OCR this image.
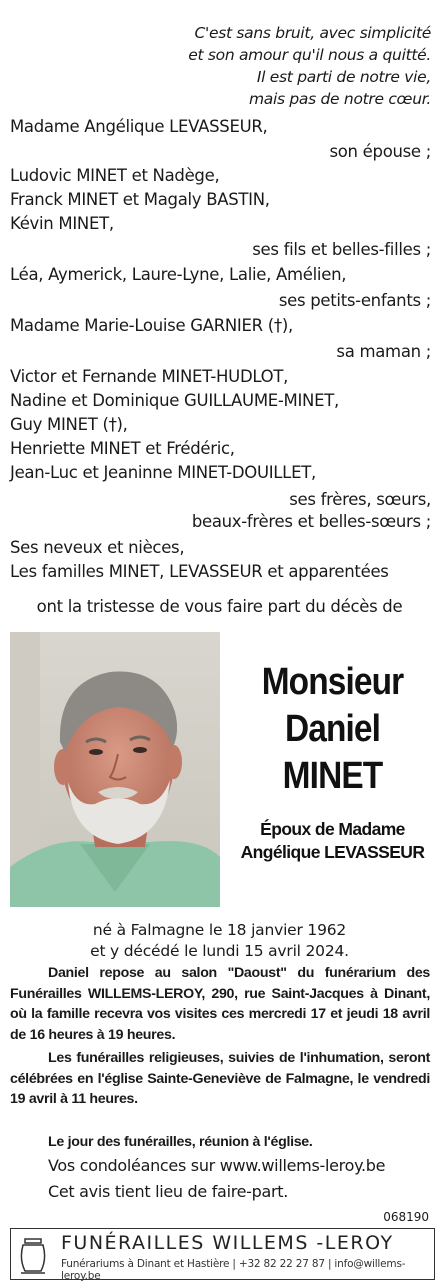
C'est sans bruit, avec simplicité
et son amour qu'il nous a quitté.
Il est parti de notre vie,
mais pas de notre cœur.
Madame Angélique LEVASSEUR,
son épouse ;
Ludovic MINET et Nadège,
Franck MINET et Magaly BASTIN,
Kévin MINET,
ses fils et belles-filles ;
Léa, Aymerick, Laure-Lyne, Lalie, Amélien,
ses petits-enfants ;
Madame Marie-Louise GARNIER (†),
sa maman ;
Victor et Fernande MINET-HUDLOT,
Nadine et Dominique GUILLAUME-MINET,
Guy MINET (†),
Henriette MINET et Frédéric,
Jean-Luc et Jeaninne MINET-DOUILLET,
ses frères, sœurs,
beaux-frères et belles-sœurs ;
Ses neveux et nièces,
Les familles MINET, LEVASSEUR et apparentées
ont la tristesse de vous faire part du décès de
Monsieur
Daniel
MINET
Époux de Madame
Angélique LEVASSEUR
né à Falmagne le 18 janvier 1962
et y décédé le lundi 15 avril 2024.
Daniel repose au salon "Daoust" du funérarium des Funérailles WILLEMS-LEROY, 290, rue Saint-Jacques à Dinant, où la famille recevra vos visites ces mercredi 17 et jeudi 18 avril de 16 heures à 19 heures.
Les funérailles religieuses, suivies de l'inhumation, seront célébrées en l'église Sainte-Geneviève de Falmagne, le vendredi 19 avril à 11 heures.
Le jour des funérailles, réunion à l'église.
Vos condoléances sur www.willems-leroy.be
Cet avis tient lieu de faire-part.
068190
FUNÉRAILLES WILLEMS -LEROY
Funérariums à Dinant et Hastière | +32 82 22 27 87 | info@willems-leroy.be
